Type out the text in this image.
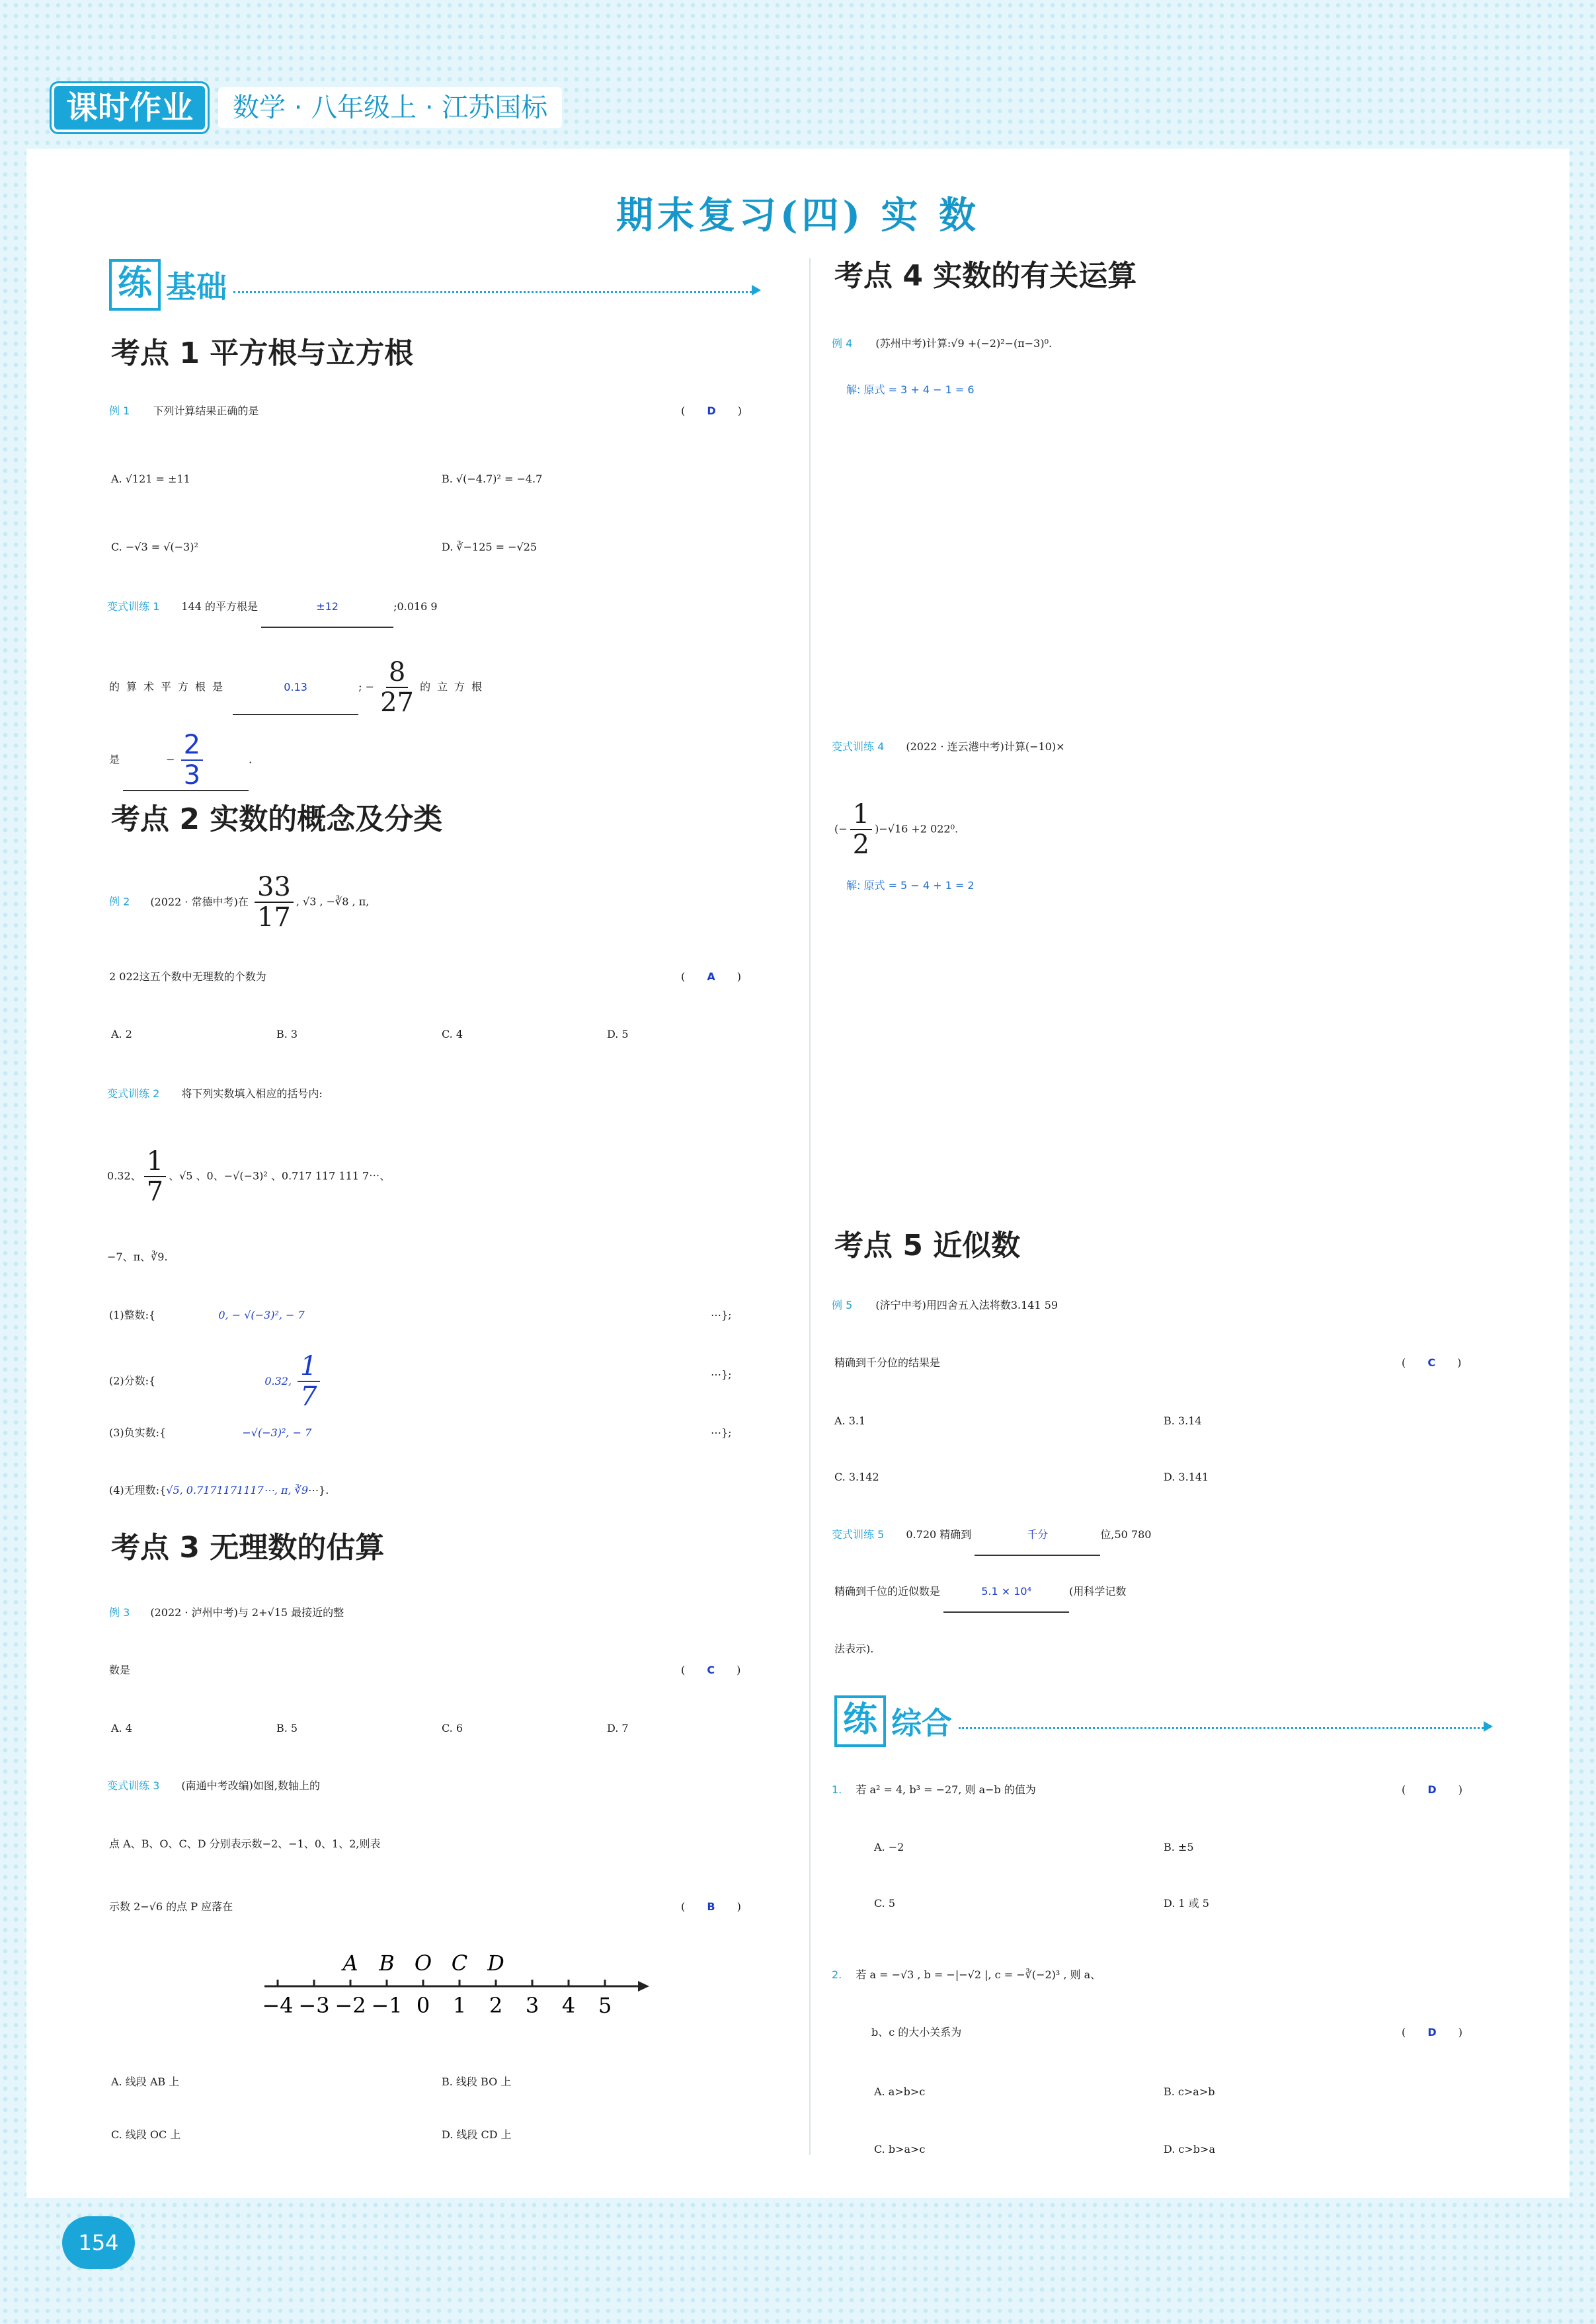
课时作业	数学 · 八年级上 · 江苏国标
期末复习(四) 实 数
练 基础
考点 1 平方根与立方根
例 1 下列计算结果正确的是	( D )
A. √121 = ±11	B. √(−4.7)² = −4.7
C. −√3 = √(−3)²	D. ∛−125 = −√25
变式训练 1 144 的平方根是	±12	;0.016 9
的算术平方根是	0.13	; − $\frac{8}{27}$ 的立方根
是	− $\frac{2}{3}$	.
考点 2 实数的概念及分类
例 2 (2022 · 常德中考)在 $\frac{33}{17}$ , √3 , −∛8 , π,
2 022这五个数中无理数的个数为	( A )
A. 2	B. 3	C. 4	D. 5
变式训练 2 将下列实数填入相应的括号内:
0.32、 $\frac{1}{7}$ 、√5 、0、−√(−3)² 、0.717 117 111 7⋯、
−7、π、∛9.
(1)整数:{	0, − √(−3)², − 7	⋯};
(2)分数:{	0.32, $\frac{1}{7}$	⋯};
(3)负实数:{	−√(−3)², − 7	⋯};
(4)无理数:{√5, 0.7171171117⋯, π, ∛9⋯}.
考点 3 无理数的估算
例 3 (2022 · 泸州中考)与 2+√15 最接近的整
数是	( C )
A. 4	B. 5	C. 6	D. 7
变式训练 3 (南通中考改编)如图,数轴上的
点 A、B、O、C、D 分别表示数−2、−1、0、1、2,则表
示数 2−√6 的点 P 应落在	( B )
−4 −3 −2 −1 0 1 2 3 4 5
A B O C D
A. 线段 AB 上	B. 线段 BO 上
C. 线段 OC 上	D. 线段 CD 上
考点 4 实数的有关运算
例 4 (苏州中考)计算:√9 +(−2)²−(π−3)⁰.
解: 原式 = 3 + 4 − 1 = 6
变式训练 4 (2022 · 连云港中考)计算(−10)×
(− $\frac{1}{2} )-√16 +2$ 022⁰.
解: 原式 = 5 − 4 + 1 = 2
考点 5 近似数
例 5 (济宁中考)用四舍五入法将数3.141 59
精确到千分位的结果是	( C )
A. 3.1	B. 3.14
C. 3.142	D. 3.141
变式训练 5 0.720 精确到	千分	位,50 780
精确到千位的近似数是	5.1 × 10⁴	(用科学记数
法表示).
练 综合
1. 若 a² = 4, b³ = −27, 则 a−b 的值为	( D )
A. −2	B. ±5
C. 5	D. 1 或 5
2. 若 a = −√3 , b = −|−√2 |, c = −∛(−2)³ , 则 a、
b、c 的大小关系为	( D )
A. a>b>c	B. c>a>b
C. b>a>c	D. c>b>a
154
